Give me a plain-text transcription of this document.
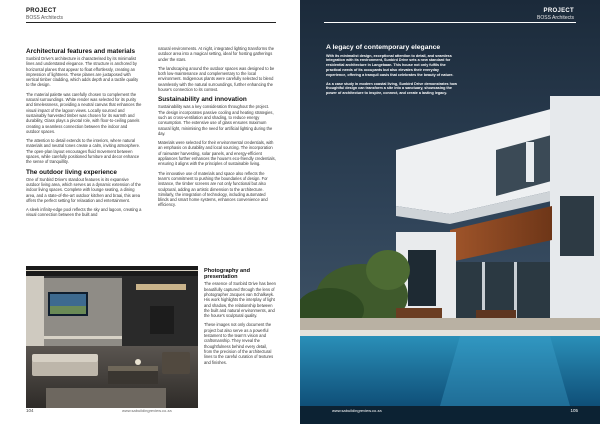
PROJECT
BOSS Architects
Architectural features and materials

Sunbird Drive's architecture is characterised by its minimalist lines and understated elegance. The structure is anchored by horizontal planes that appear to float effortlessly, creating an impression of lightness. These planes are juxtaposed with vertical timber cladding, which adds depth and a tactile quality to the design.

The material palette was carefully chosen to complement the natural surroundings. White render was selected for its purity and timelessness, providing a neutral canvas that enhances the visual impact of the lagoon views. Locally sourced and sustainably harvested timber was chosen for its warmth and durability, Glass plays a pivotal role, with floor-to-ceiling panels creating a seamless connection between the indoor and outdoor spaces.

The attention to detail extends to the interiors, where natural materials and neutral tones create a calm, inviting atmosphere. The open-plan layout encourages fluid movement between spaces, while carefully positioned furniture and decor enhance the sense of tranquillity.

The outdoor living experience

One of Sunbird Drive's standout features is its expansive outdoor living area, which serves as a dynamic extension of the indoor living spaces. Complete with lounge seating, a dining area, and a state-of-the-art outdoor kitchen and braai, this area offers the perfect setting for relaxation and entertainment.

A sleek infinity-edge pool reflects the sky and lagoon, creating a visual connection between the built and

natural environments. At night, integrated lighting transforms the outdoor area into a magical setting, ideal for hosting gatherings under the stars.

The landscaping around the outdoor spaces was designed to be both low-maintenance and complementary to the local environment. Indigenous plants were carefully selected to blend seamlessly with the natural surroundings, further enhancing the house's connection to its context.

Sustainability and innovation

Sustainability was a key consideration throughout the project. The design incorporates passive cooling and heating strategies, such as cross-ventilation and shading, to reduce energy consumption. The extensive use of glass ensures maximum natural light, minimising the need for artificial lighting during the day.

Materials were selected for their environmental credentials, with an emphasis on durability and local sourcing. The incorporation of rainwater harvesting, solar panels, and energy-efficient appliances further enhances the house's eco-friendly credentials, ensuring it aligns with the principles of sustainable living.

The innovative use of materials and space also reflects the team's commitment to pushing the boundaries of design. For instance, the timber screens are not only functional but also sculptural, adding an artistic dimension to the architecture. Similarly, the integration of technology, including automated blinds and smart home systems, enhances convenience and efficiency.

Photography and presentation

The essence of Sunbird Drive has been beautifully captured through the lens of photographer Jacques van Schalkwyk. His work highlights the interplay of light and shadow, the relationship between the built and natural environments, and the house's sculptural quality.

These images not only document the project but also serve as a powerful testament to the team's vision and craftsmanship. They reveal the thoughtfulness behind every detail, from the precision of the architectural lines to the careful curation of textures and finishes.

104	www.sabuildingreview.co.za
PROJECT
BOSS Architects
A legacy of contemporary elegance

With its minimalist design, exceptional attention to detail, and seamless integration with its environment, Sunbird Drive sets a new standard for residential architecture in Langebaan. This house not only fulfils the practical needs of its occupants but also elevates their everyday experience, offering a tranquil oasis that celebrates the beauty of nature.

As a case study in modern coastal living, Sunbird Drive demonstrates how thoughtful design can transform a site into a sanctuary, showcasing the power of architecture to inspire, connect, and create a lasting legacy.

www.sabuildingreview.co.za	105
